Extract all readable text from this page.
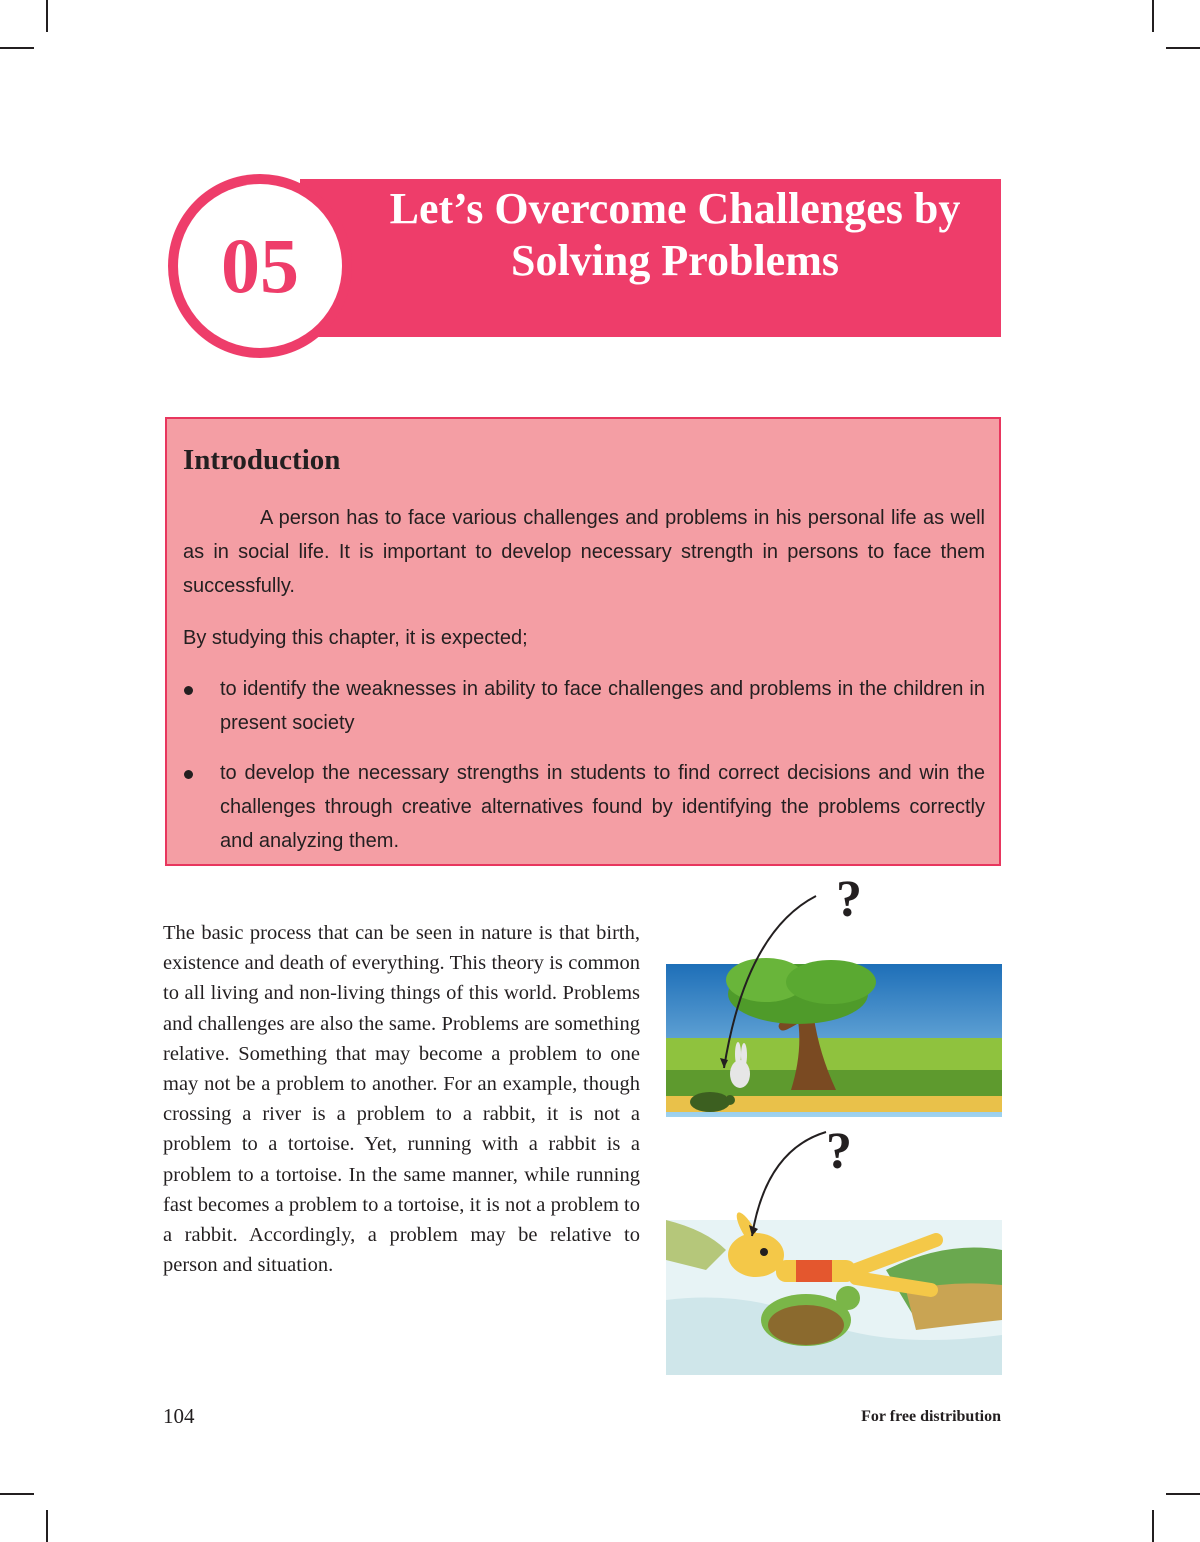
Let’s Overcome Challenges by Solving Problems
05
Introduction
A person has to face various challenges and problems in his personal life as well as in social life. It is important to develop necessary strength in persons to face them successfully.
By studying this chapter, it is expected;
to identify the weaknesses in ability to face challenges and problems in the children in present society
to develop the necessary strengths in students to find correct decisions and win the challenges through creative alternatives found by identifying the problems correctly and analyzing them.
The basic process that can be seen in nature is that birth, existence and death of everything. This theory is common to all living and non-living things of this world. Problems and challenges are also the same. Problems are something relative. Something that may become a problem to one may not be a problem to another. For an example, though crossing a river is a problem to a rabbit, it is not a problem to a tortoise. Yet, running with a rabbit is a problem to a tortoise. In the same manner, while running fast becomes a problem to a tortoise, it is not a problem to a rabbit. Accordingly, a problem may be relative to person and situation.
?
?
104	For free distribution
